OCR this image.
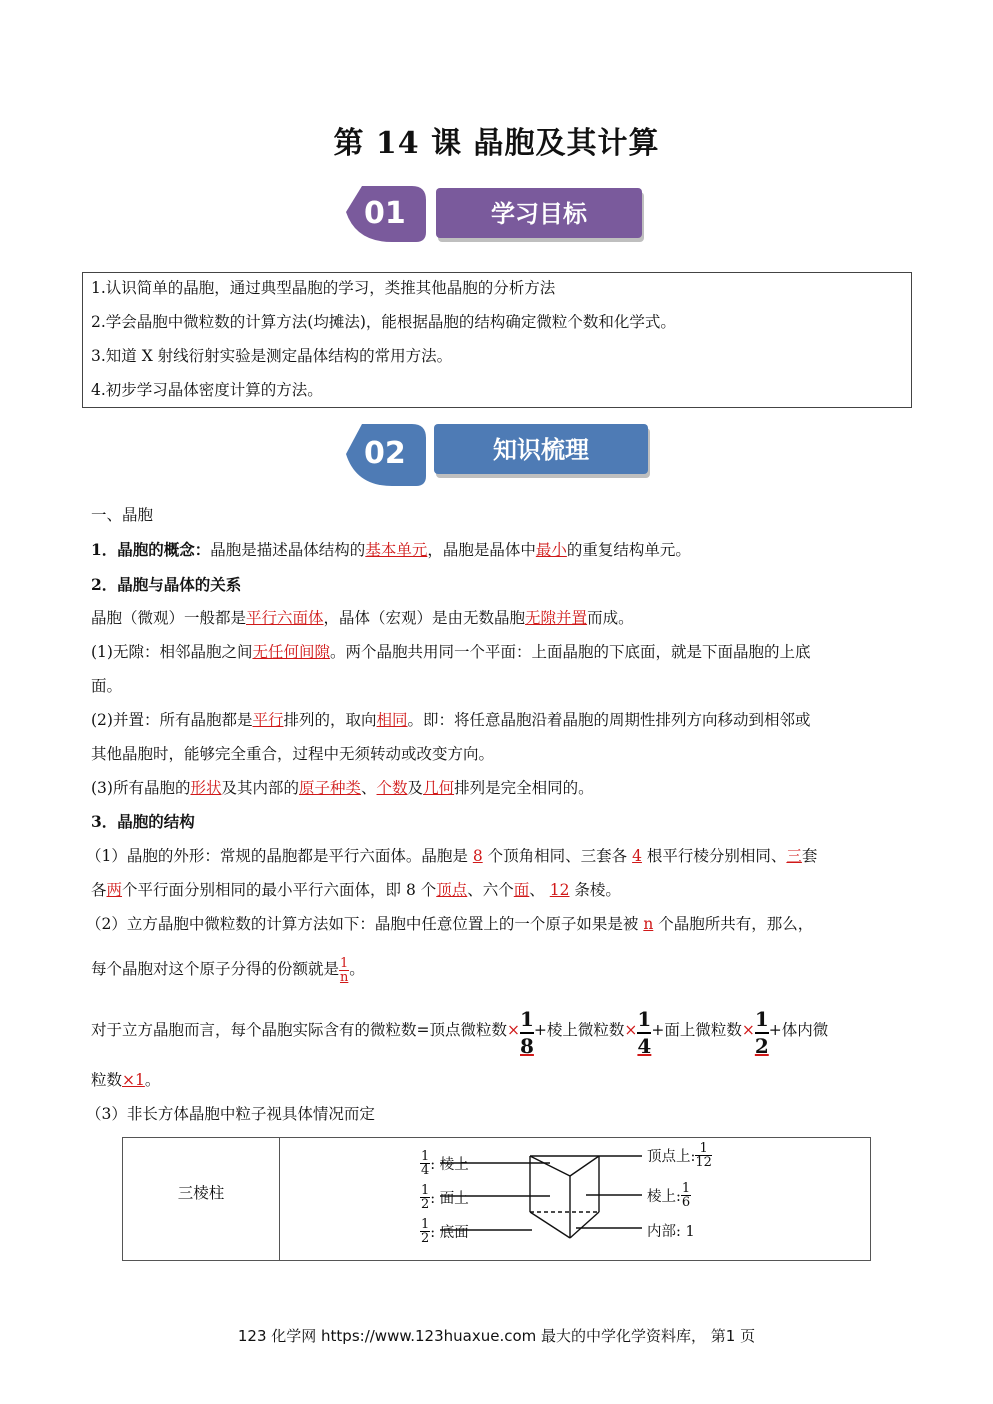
第 14 课 晶胞及其计算
01	学习目标
1.认识简单的晶胞，通过典型晶胞的学习，类推其他晶胞的分析方法
2.学会晶胞中微粒数的计算方法(均摊法)，能根据晶胞的结构确定微粒个数和化学式。
3.知道 X 射线衍射实验是测定晶体结构的常用方法。
4.初步学习晶体密度计算的方法。
02	知识梳理
一、晶胞
1．晶胞的概念：晶胞是描述晶体结构的基本单元，晶胞是晶体中最小的重复结构单元。
2．晶胞与晶体的关系
晶胞（微观）一般都是平行六面体，晶体（宏观）是由无数晶胞无隙并置而成。
(1)无隙：相邻晶胞之间无任何间隙。两个晶胞共用同一个平面：上面晶胞的下底面，就是下面晶胞的上底
面。
(2)并置：所有晶胞都是平行排列的，取向相同。即：将任意晶胞沿着晶胞的周期性排列方向移动到相邻或
其他晶胞时，能够完全重合，过程中无须转动或改变方向。
(3)所有晶胞的形状及其内部的原子种类、个数及几何排列是完全相同的。
3．晶胞的结构
（1）晶胞的外形：常规的晶胞都是平行六面体。晶胞是 8 个顶角相同、三套各 4 根平行棱分别相同、三套
各两个平行面分别相同的最小平行六面体，即 8 个顶点、六个面、 12 条棱。
（2）立方晶胞中微粒数的计算方法如下：晶胞中任意位置上的一个原子如果是被 n 个晶胞所共有，那么，
每个晶胞对这个原子分得的份额就是 $\frac{1}{n}$ 。
对于立方晶胞而言，每个晶胞实际含有的微粒数=顶点微粒数× $\frac{1}{8}$ +棱上微粒数× $\frac{1}{4}$ +面上微粒数× $\frac{1}{2}$ +体内微
粒数×1。
（3）非长方体晶胞中粒子视具体情况而定
三棱柱
$\frac{1}{4}$ : 棱上
$\frac{1}{2}$ : 面上
$\frac{1}{2}$ : 底面
顶点上: $\frac{1}{12}$
棱上: $\frac{1}{6}$
内部: 1
123 化学网 https://www.123huaxue.com 最大的中学化学资料库， 第1 页
